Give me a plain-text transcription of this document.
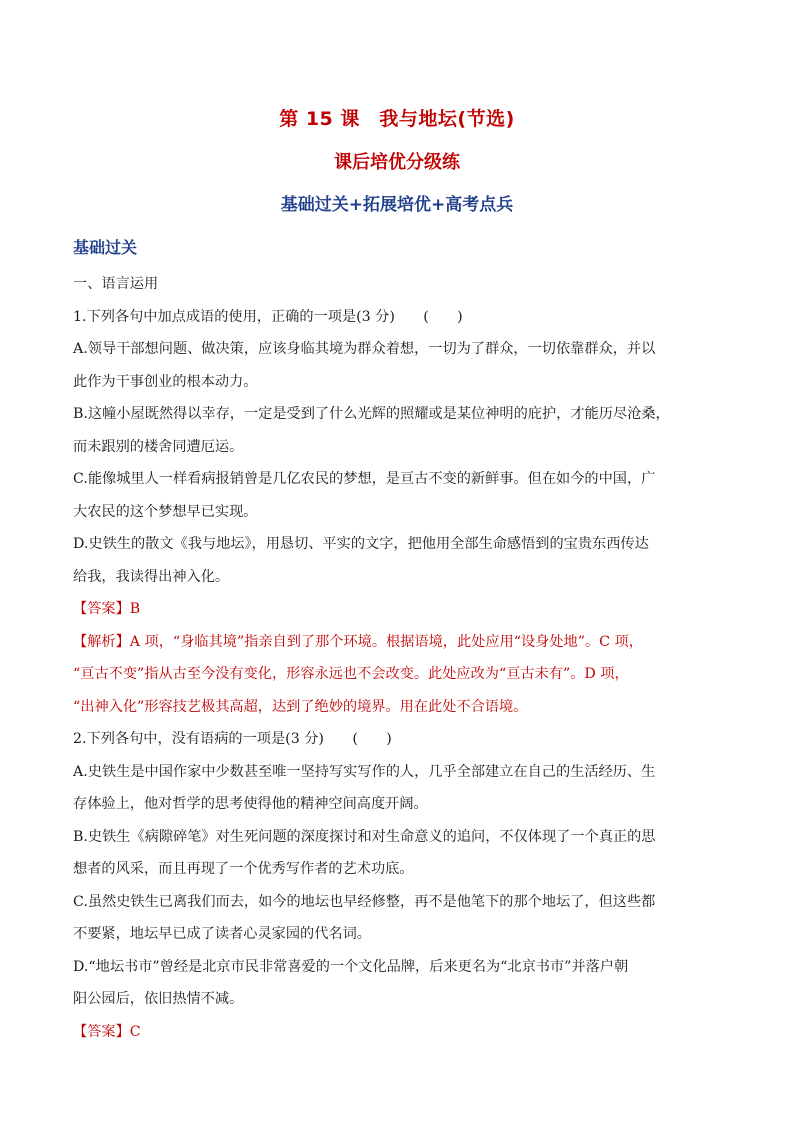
第 15 课　我与地坛(节选)
课后培优分级练
基础过关+拓展培优+高考点兵
基础过关
一、语言运用
1.下列各句中加点成语的使用，正确的一项是(3 分)　　(　　)
A.领导干部想问题、做决策，应该身临其境为群众着想，一切为了群众，一切依靠群众，并以
此作为干事创业的根本动力。
B.这幢小屋既然得以幸存，一定是受到了什么光辉的照耀或是某位神明的庇护，才能历尽沧桑，
而未跟别的楼舍同遭厄运。
C.能像城里人一样看病报销曾是几亿农民的梦想，是亘古不变的新鲜事。但在如今的中国，广
大农民的这个梦想早已实现。
D.史铁生的散文《我与地坛》，用恳切、平实的文字，把他用全部生命感悟到的宝贵东西传达
给我，我读得出神入化。
【答案】B
【解析】A 项，“身临其境”指亲自到了那个环境。根据语境，此处应用“设身处地”。C 项，
“亘古不变”指从古至今没有变化，形容永远也不会改变。此处应改为“亘古未有”。D 项，
“出神入化”形容技艺极其高超，达到了绝妙的境界。用在此处不合语境。
2.下列各句中，没有语病的一项是(3 分)　　(　　)
A.史铁生是中国作家中少数甚至唯一坚持写实写作的人，几乎全部建立在自己的生活经历、生
存体验上，他对哲学的思考使得他的精神空间高度开阔。
B.史铁生《病隙碎笔》对生死问题的深度探讨和对生命意义的追问，不仅体现了一个真正的思
想者的风采，而且再现了一个优秀写作者的艺术功底。
C.虽然史铁生已离我们而去，如今的地坛也早经修整，再不是他笔下的那个地坛了，但这些都
不要紧，地坛早已成了读者心灵家园的代名词。
D.“地坛书市”曾经是北京市民非常喜爱的一个文化品牌，后来更名为“北京书市”并落户朝
阳公园后，依旧热情不减。
【答案】C
